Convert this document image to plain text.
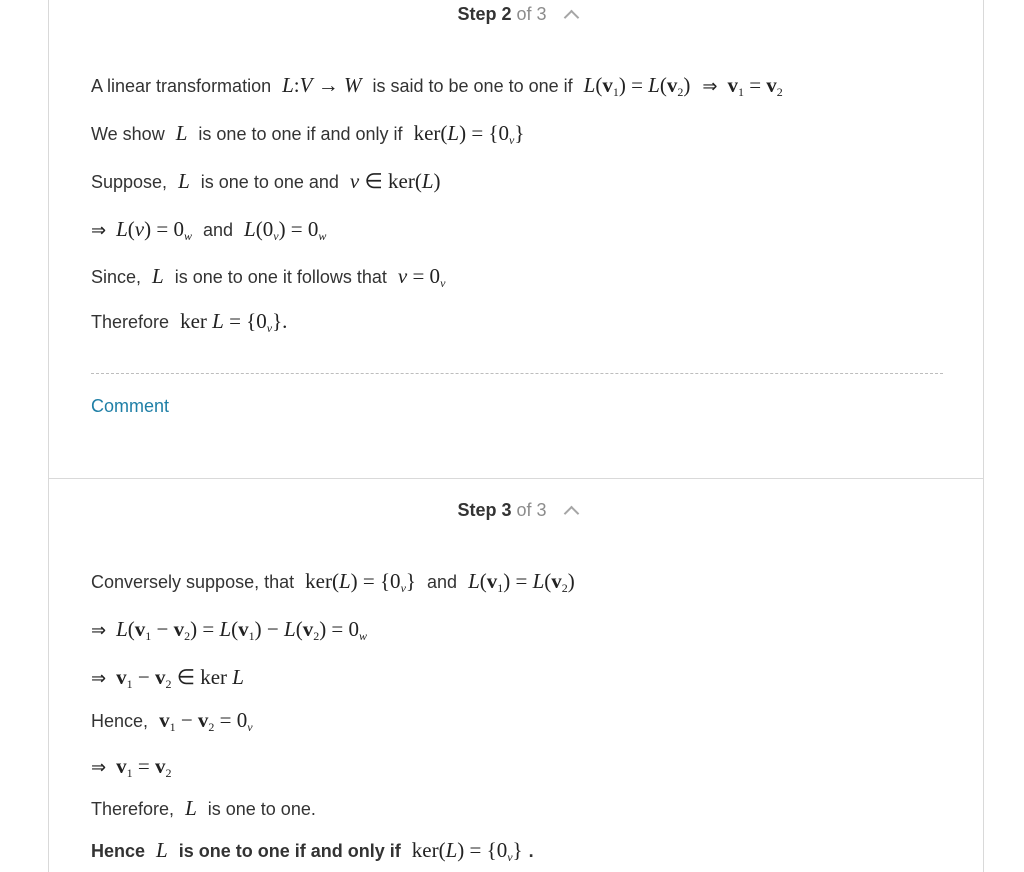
Step 2 of 3
A linear transformation L:V → W is said to be one to one if $L(v_1) = L(v_2)$ ⇒ $v_1 = v_2$
We show L is one to one if and only if $ker(L) = \{0_v\}$
Suppose, L is one to one and v ∈ ker(L)
⇒ $L(v) = 0_w$ and $L(0_v) = 0_w$
Since, L is one to one it follows that $v = 0_v$
Therefore ker $L = \{0_v\}$.
Comment
Step 3 of 3
Conversely suppose, that $ker(L) = \{0_v\}$ and $L(v_1) = L(v_2)$
⇒ $L(v_1 - v_2) = L(v_1) - L(v_2) = 0_w$
⇒ $v_1 - v_2$ ∈ ker L
Hence, $v_1 - v_2 = 0_v$
⇒ $v_1 = v_2$
Therefore, L is one to one.
Hence L is one to one if and only if $ker(L) = \{0_v\}$ .
